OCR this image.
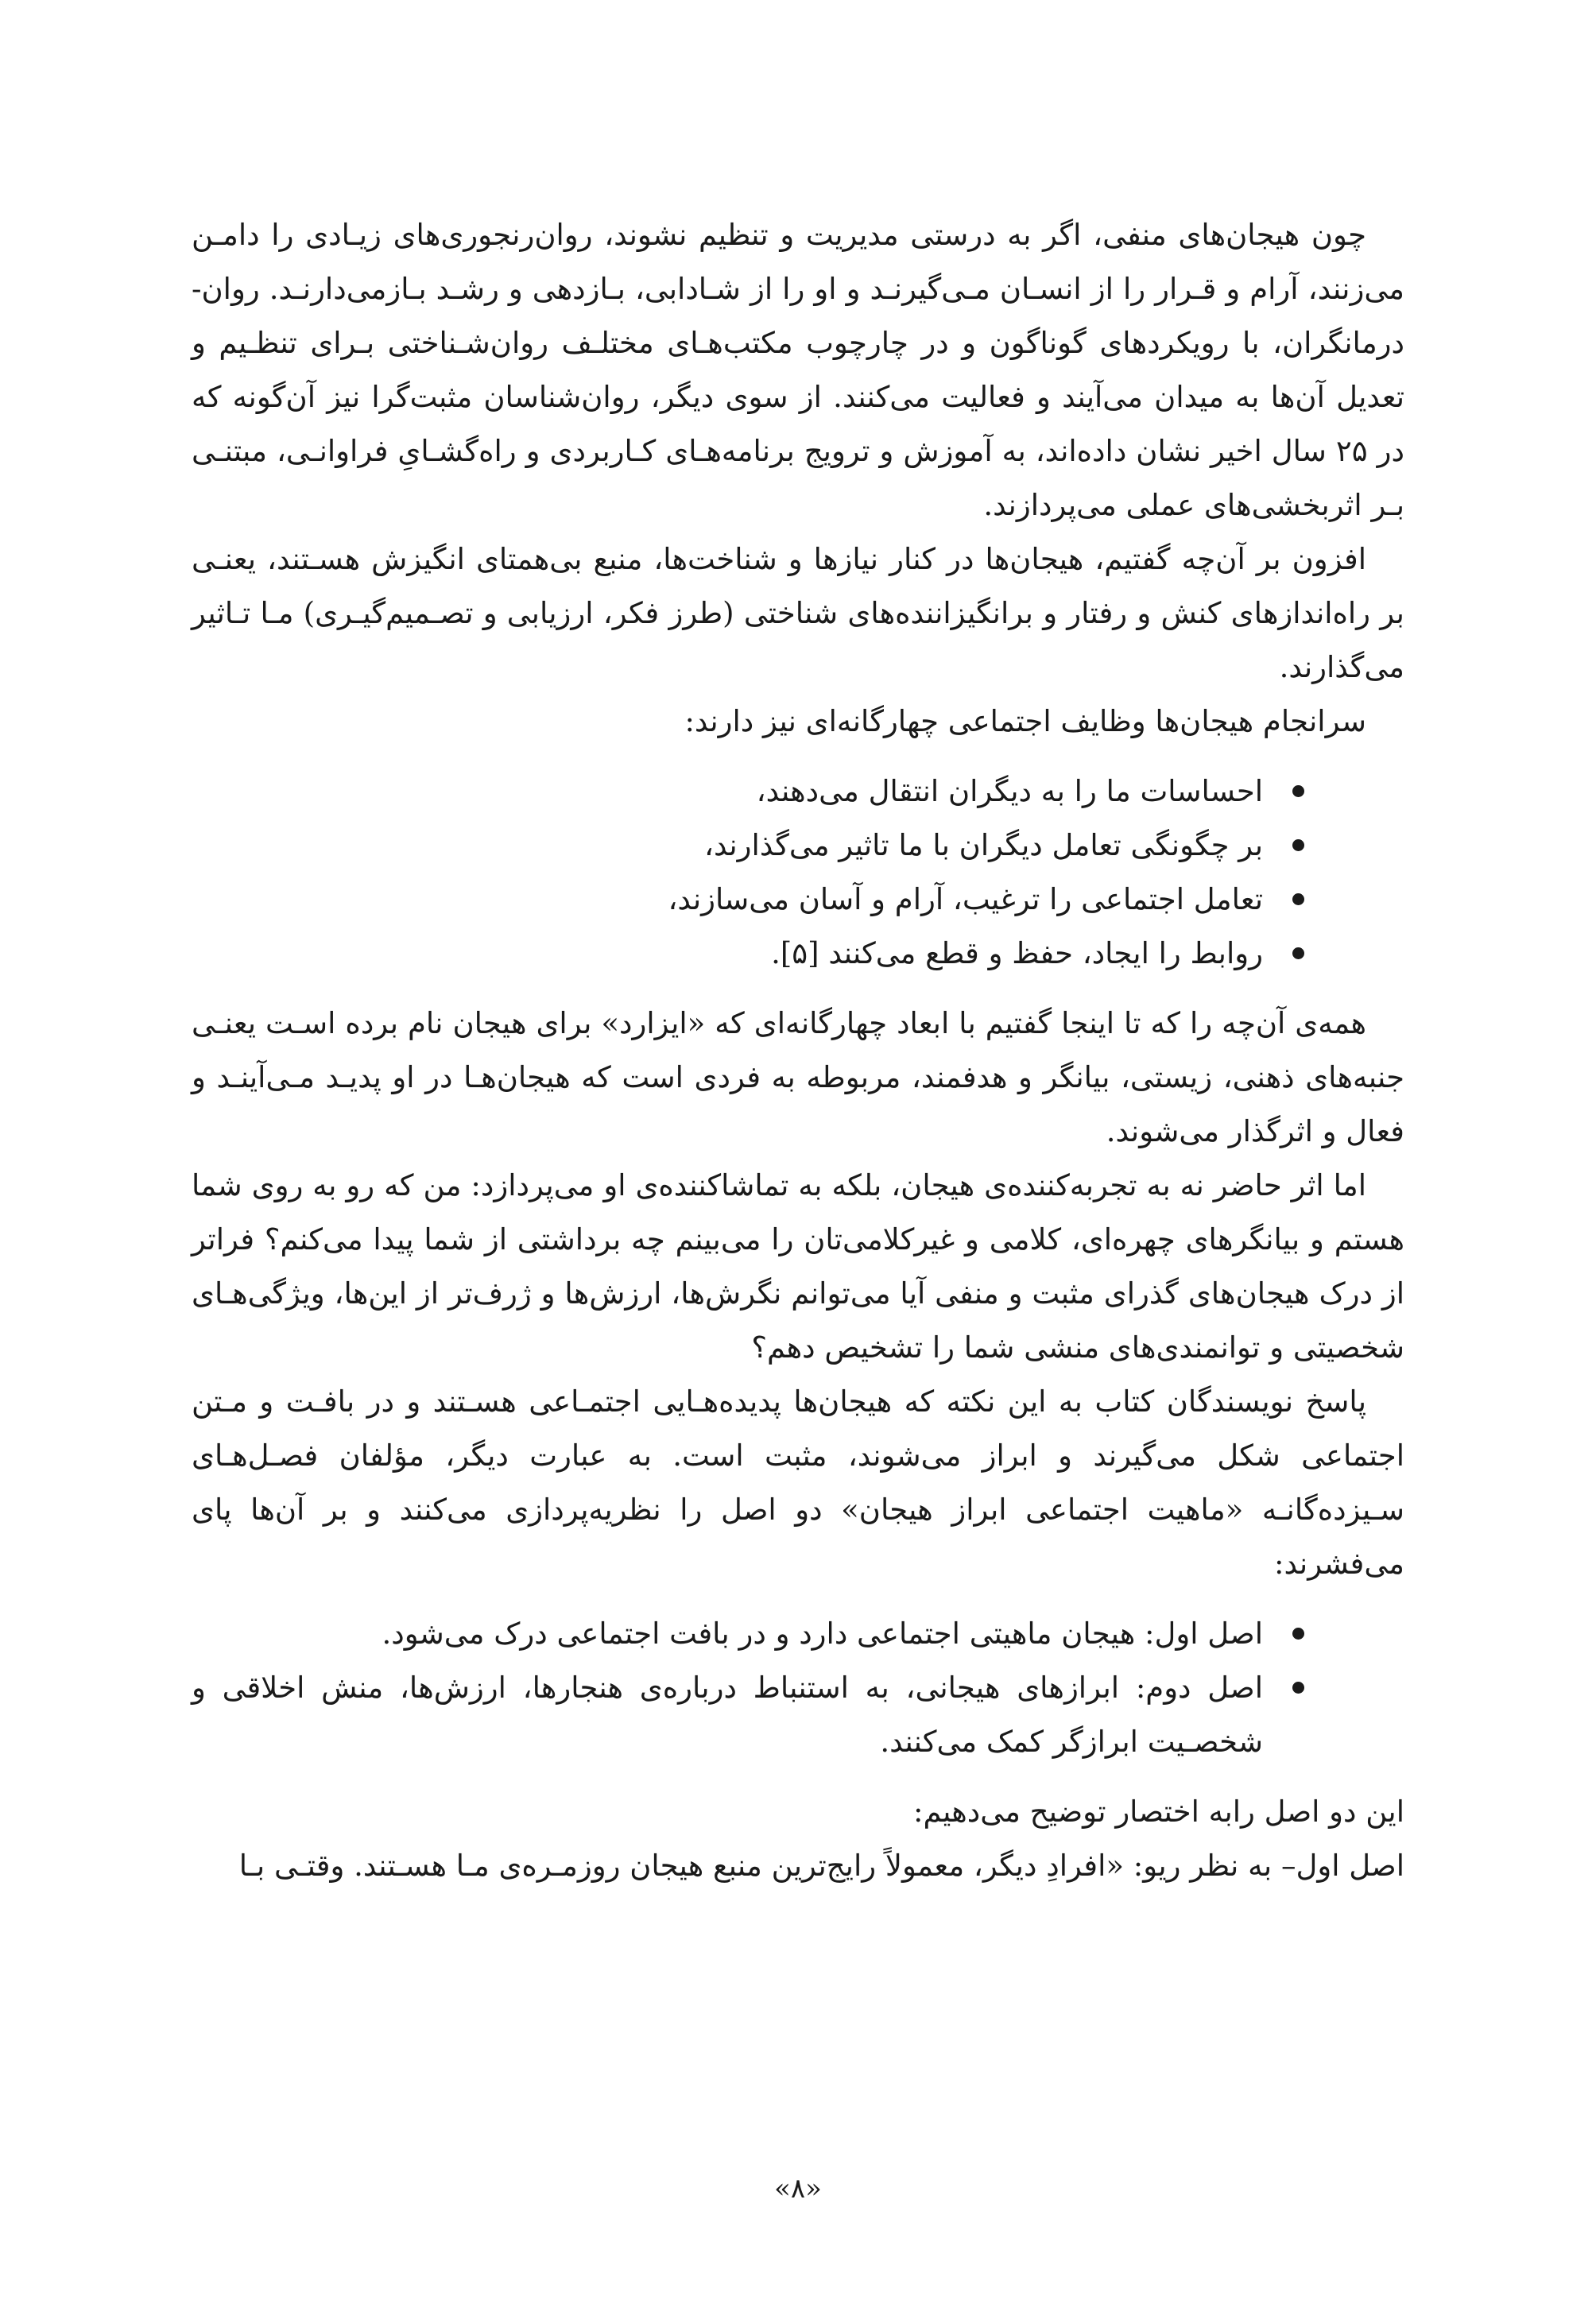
چون هیجان‌های منفی، اگر به درستی مدیریت و تنظیم نشوند، روان‌رنجوری‌های زیـادی را دامـن می‌زنند، آرام و قـرار را از انسـان مـی‌گیرنـد و او را از شـادابی، بـازدهی و رشـد بـازمی‌دارنـد. روان- درمانگران، با رویکردهای گوناگون و در چارچوب مکتب‌هـای مختلـف روان‌شـناختی بـرای تنظـیم و تعدیل آن‌ها به میدان می‌آیند و فعالیت می‌کنند. از سوی دیگر، روان‌شناسان مثبت‌گرا نیز آن‌گونه که در ۲۵ سال اخیر نشان داده‌اند، به آموزش و ترویج برنامه‌هـای کـاربردی و راه‌گشـایِ فراوانـی، مبتنـی بـر اثربخشی‌های عملی می‌پردازند.

افزون بر آن‌چه گفتیم، هیجان‌ها در کنار نیازها و شناخت‌ها، منبع بی‌همتای انگیزش هسـتند، یعنـی بر راه‌اندازهای کنش و رفتار و برانگیزاننده‌های شناختی (طرز فکر، ارزیابی و تصـمیم‌گیـری) مـا تـاثیر می‌گذارند.

سرانجام هیجان‌ها وظایف اجتماعی چهارگانه‌ای نیز دارند:

احساسات ما را به دیگران انتقال می‌دهند،
بر چگونگی تعامل دیگران با ما تاثیر می‌گذارند،
تعامل اجتماعی را ترغیب، آرام و آسان می‌سازند،
روابط را ایجاد، حفظ و قطع می‌کنند [۵].

همه‌ی آن‌چه را که تا اینجا گفتیم با ابعاد چهارگانه‌ای که «ایزارد» برای هیجان نام برده اسـت یعنـی جنبه‌های ذهنی، زیستی، بیانگر و هدفمند، مربوطه به فردی است که هیجان‌هـا در او پدیـد مـی‌آینـد و فعال و اثرگذار می‌شوند.

اما اثر حاضر نه به تجربه‌کننده‌ی هیجان، بلکه به تماشاکننده‌ی او می‌پردازد: من که رو به روی شما هستم و بیانگرهای چهره‌ای، کلامی و غیرکلامی‌تان را می‌بینم چه برداشتی از شما پیدا می‌کنم؟ فراتر از درک هیجان‌های گذرای مثبت و منفی آیا می‌توانم نگرش‌ها، ارزش‌ها و ژرف‌تر از این‌ها، ویژگی‌هـای شخصیتی و توانمندی‌های منشی شما را تشخیص دهم؟

پاسخ نویسندگان کتاب به این نکته که هیجان‌ها پدیده‌هـایی اجتمـاعی هسـتند و در بافـت و مـتن اجتماعی شکل می‌گیرند و ابراز می‌شوند، مثبت است. به عبارت دیگر، مؤلفان فصـل‌هـای سـیزده‌گانـه «ماهیت اجتماعی ابراز هیجان» دو اصل را نظریه‌پردازی می‌کنند و بر آن‌ها پای می‌فشرند:

اصل اول: هیجان ماهیتی اجتماعی دارد و در بافت اجتماعی درک می‌شود.
اصل دوم: ابرازهای هیجانی، به استنباط درباره‌ی هنجارها، ارزش‌ها، منش اخلاقی و شخصـیت ابرازگر کمک می‌کنند.

این دو اصل رابه اختصار توضیح می‌دهیم:

اصل اول– به نظر ریو: «افرادِ دیگر، معمولاً رایج‌ترین منبع هیجان روزمـره‌ی مـا هسـتند. وقتـی بـا

«۸»
